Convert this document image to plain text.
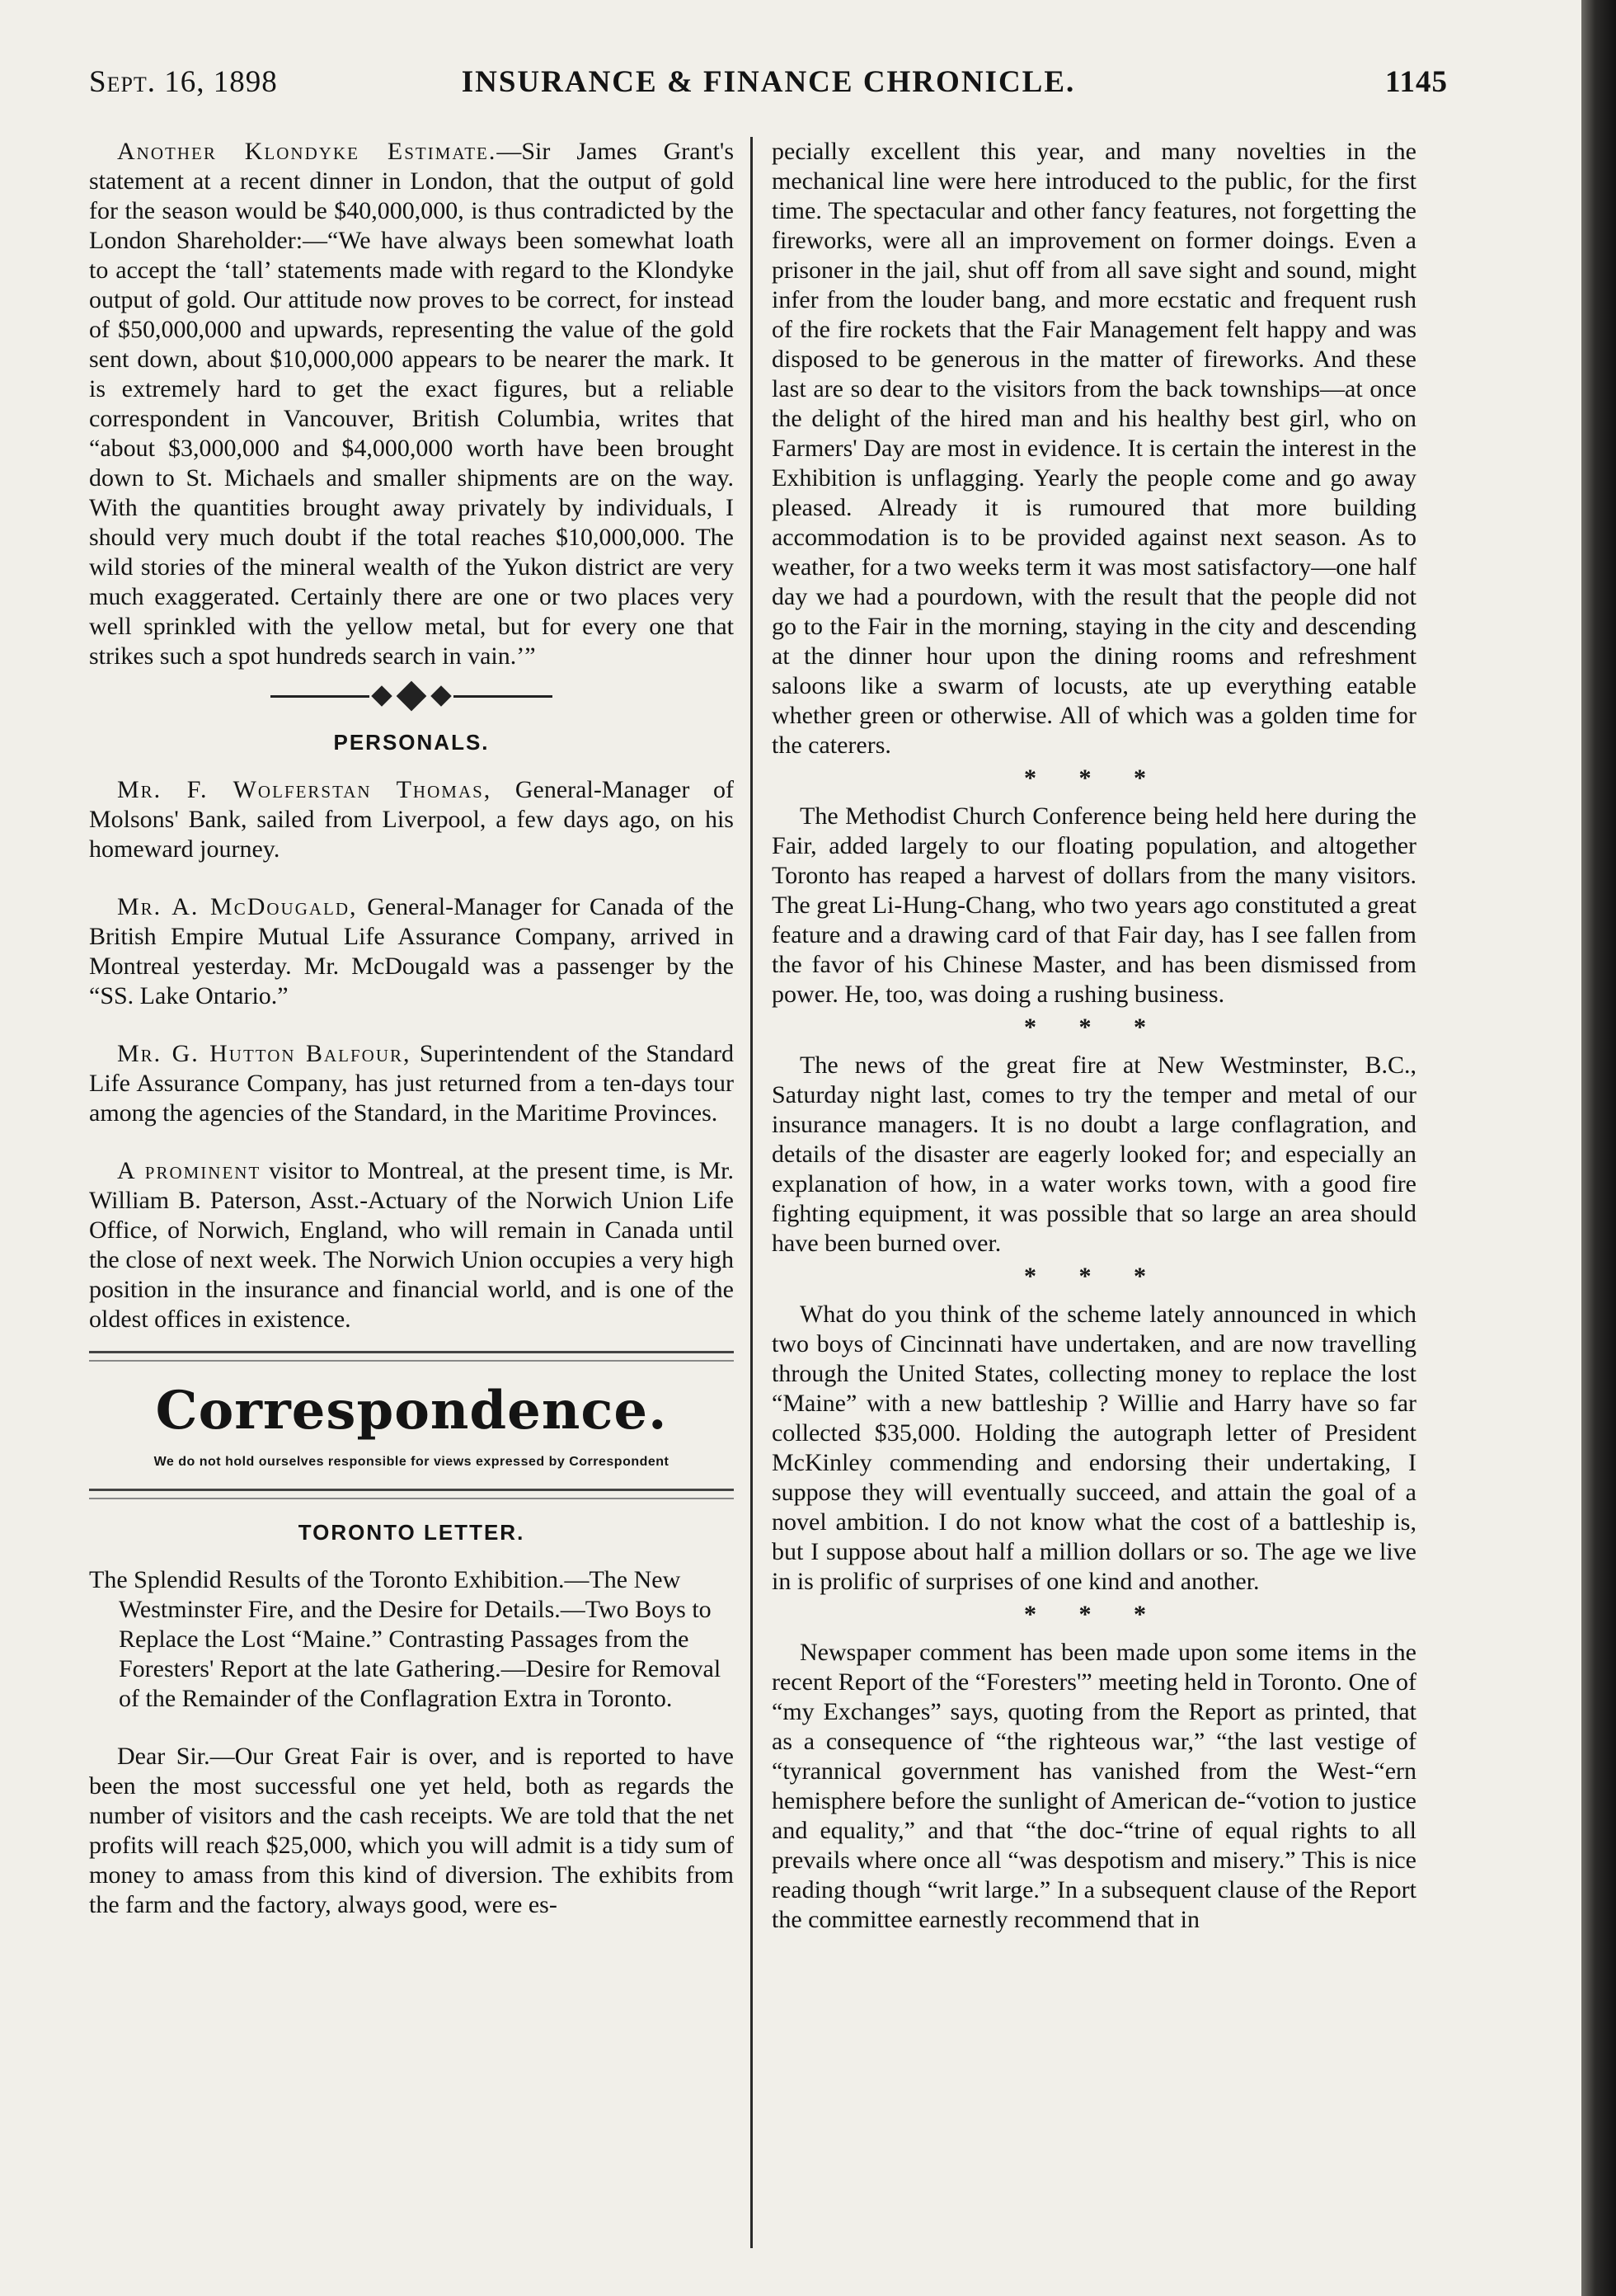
Sept. 16, 1898	INSURANCE & FINANCE CHRONICLE.	1145

Another Klondyke Estimate.—Sir James Grant's statement at a recent dinner in London, that the output of gold for the season would be $40,000,000, is thus contradicted by the London Shareholder:—“We have always been somewhat loath to accept the ‘tall’ statements made with regard to the Klondyke output of gold. Our attitude now proves to be correct, for instead of $50,000,000 and upwards, representing the value of the gold sent down, about $10,000,000 appears to be nearer the mark. It is extremely hard to get the exact figures, but a reliable correspondent in Vancouver, British Columbia, writes that “about $3,000,000 and $4,000,000 worth have been brought down to St. Michaels and smaller shipments are on the way. With the quantities brought away privately by individuals, I should very much doubt if the total reaches $10,000,000. The wild stories of the mineral wealth of the Yukon district are very much exaggerated. Certainly there are one or two places very well sprinkled with the yellow metal, but for every one that strikes such a spot hundreds search in vain.’”

PERSONALS.

Mr. F. Wolferstan Thomas, General-Manager of Molsons' Bank, sailed from Liverpool, a few days ago, on his homeward journey.

Mr. A. McDougald, General-Manager for Canada of the British Empire Mutual Life Assurance Company, arrived in Montreal yesterday. Mr. McDougald was a passenger by the “SS. Lake Ontario.”

Mr. G. Hutton Balfour, Superintendent of the Standard Life Assurance Company, has just returned from a ten-days tour among the agencies of the Standard, in the Maritime Provinces.

A prominent visitor to Montreal, at the present time, is Mr. William B. Paterson, Asst.-Actuary of the Norwich Union Life Office, of Norwich, England, who will remain in Canada until the close of next week. The Norwich Union occupies a very high position in the insurance and financial world, and is one of the oldest offices in existence.

Correspondence.
We do not hold ourselves responsible for views expressed by Correspondent
TORONTO LETTER.

The Splendid Results of the Toronto Exhibition.—The New Westminster Fire, and the Desire for Details.—Two Boys to Replace the Lost “Maine.” Contrasting Passages from the Foresters' Report at the late Gathering.—Desire for Removal of the Remainder of the Conflagration Extra in Toronto.

Dear Sir.—Our Great Fair is over, and is reported to have been the most successful one yet held, both as regards the number of visitors and the cash receipts. We are told that the net profits will reach $25,000, which you will admit is a tidy sum of money to amass from this kind of diversion. The exhibits from the farm and the factory, always good, were es-

pecially excellent this year, and many novelties in the mechanical line were here introduced to the public, for the first time. The spectacular and other fancy features, not forgetting the fireworks, were all an improvement on former doings. Even a prisoner in the jail, shut off from all save sight and sound, might infer from the louder bang, and more ecstatic and frequent rush of the fire rockets that the Fair Management felt happy and was disposed to be generous in the matter of fireworks. And these last are so dear to the visitors from the back townships—at once the delight of the hired man and his healthy best girl, who on Farmers' Day are most in evidence. It is certain the interest in the Exhibition is unflagging. Yearly the people come and go away pleased. Already it is rumoured that more building accommodation is to be provided against next season. As to weather, for a two weeks term it was most satisfactory—one half day we had a pourdown, with the result that the people did not go to the Fair in the morning, staying in the city and descending at the dinner hour upon the dining rooms and refreshment saloons like a swarm of locusts, ate up everything eatable whether green or otherwise. All of which was a golden time for the caterers.

* * *

The Methodist Church Conference being held here during the Fair, added largely to our floating population, and altogether Toronto has reaped a harvest of dollars from the many visitors. The great Li-Hung-Chang, who two years ago constituted a great feature and a drawing card of that Fair day, has I see fallen from the favor of his Chinese Master, and has been dismissed from power. He, too, was doing a rushing business.

* * *

The news of the great fire at New Westminster, B.C., Saturday night last, comes to try the temper and metal of our insurance managers. It is no doubt a large conflagration, and details of the disaster are eagerly looked for; and especially an explanation of how, in a water works town, with a good fire fighting equipment, it was possible that so large an area should have been burned over.

* * *

What do you think of the scheme lately announced in which two boys of Cincinnati have undertaken, and are now travelling through the United States, collecting money to replace the lost “Maine” with a new battleship ? Willie and Harry have so far collected $35,000. Holding the autograph letter of President McKinley commending and endorsing their undertaking, I suppose they will eventually succeed, and attain the goal of a novel ambition. I do not know what the cost of a battleship is, but I suppose about half a million dollars or so. The age we live in is prolific of surprises of one kind and another.

* * *

Newspaper comment has been made upon some items in the recent Report of the “Foresters'” meeting held in Toronto. One of “my Exchanges” says, quoting from the Report as printed, that as a consequence of “the righteous war,” “the last vestige of “tyrannical government has vanished from the West-“ern hemisphere before the sunlight of American de-“votion to justice and equality,” and that “the doc-“trine of equal rights to all prevails where once all “was despotism and misery.” This is nice reading though “writ large.” In a subsequent clause of the Report the committee earnestly recommend that in
